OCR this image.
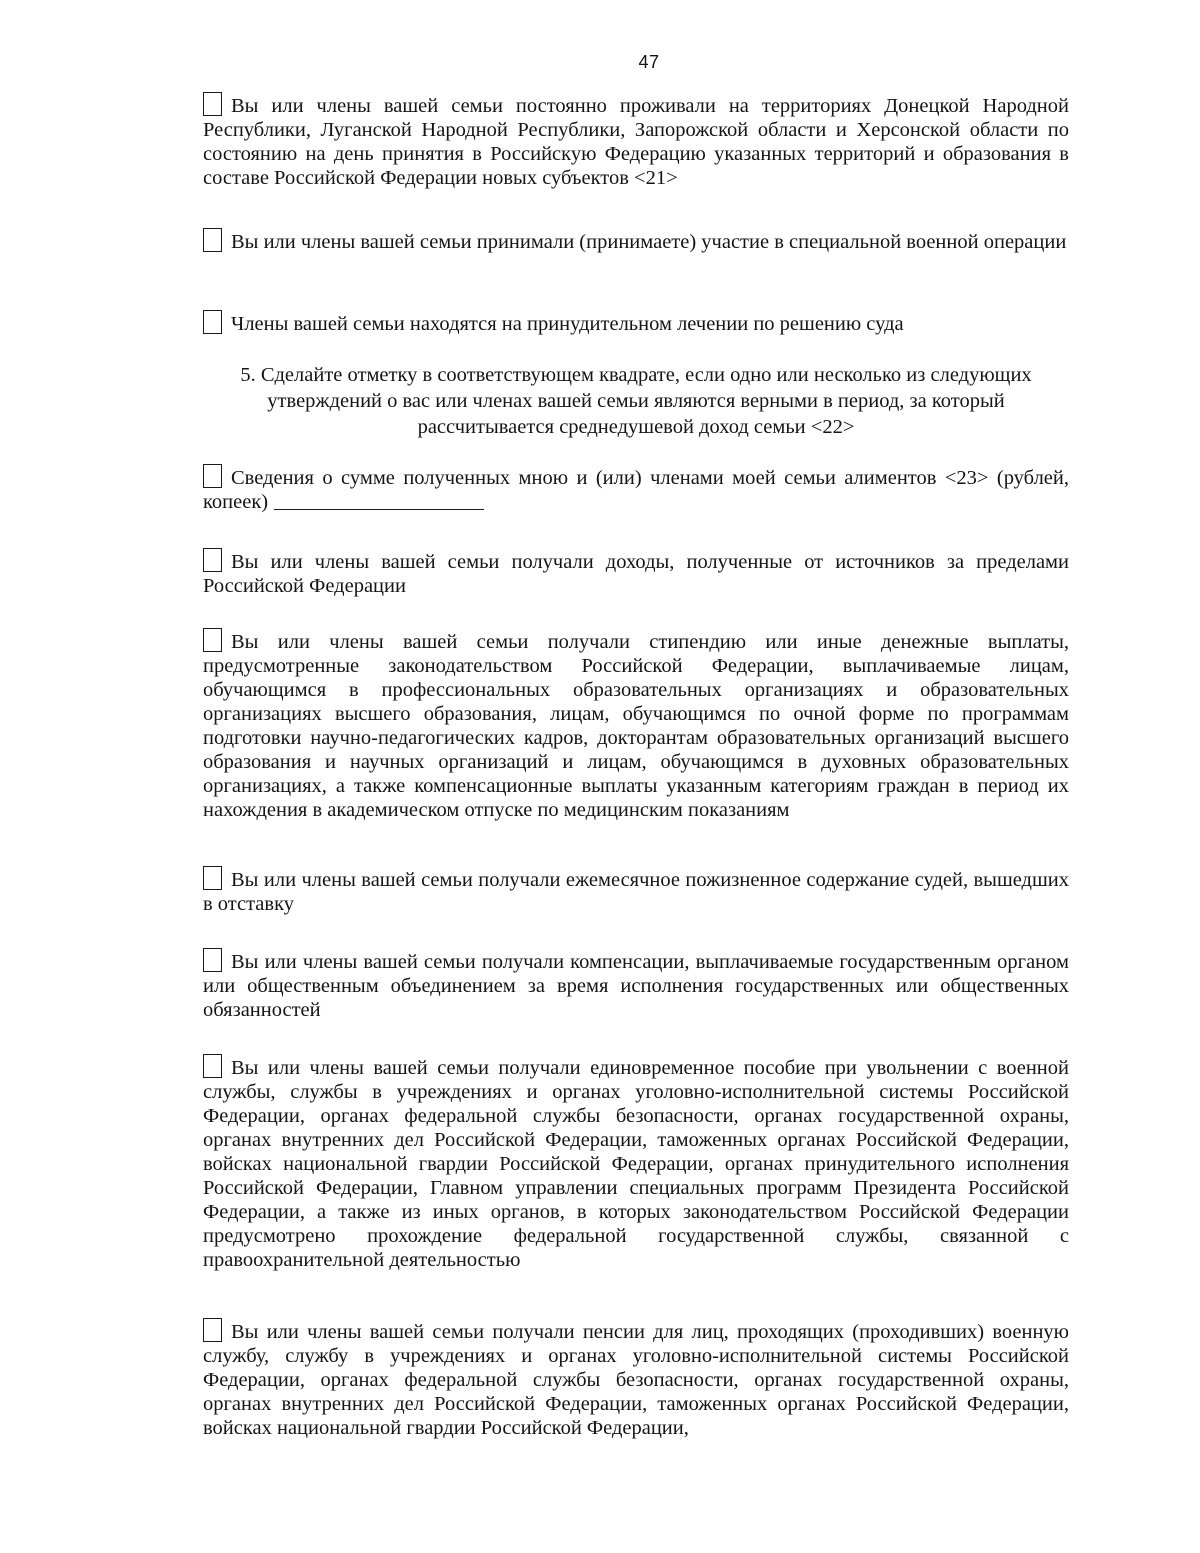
47
Вы или члены вашей семьи постоянно проживали на территориях Донецкой Народной Республики, Луганской Народной Республики, Запорожской области и Херсонской области по состоянию на день принятия в Российскую Федерацию указанных территорий и образования в составе Российской Федерации новых субъектов <21>
Вы или члены вашей семьи принимали (принимаете) участие в специальной военной операции
Члены вашей семьи находятся на принудительном лечении по решению суда
5. Сделайте отметку в соответствующем квадрате, если одно или несколько из следующих утверждений о вас или членах вашей семьи являются верными в период, за который рассчитывается среднедушевой доход семьи <22>
Сведения о сумме полученных мною и (или) членами моей семьи алиментов <23> (рублей, копеек)
Вы или члены вашей семьи получали доходы, полученные от источников за пределами Российской Федерации
Вы или члены вашей семьи получали стипендию или иные денежные выплаты, предусмотренные законодательством Российской Федерации, выплачиваемые лицам, обучающимся в профессиональных образовательных организациях и образовательных организациях высшего образования, лицам, обучающимся по очной форме по программам подготовки научно-педагогических кадров, докторантам образовательных организаций высшего образования и научных организаций и лицам, обучающимся в духовных образовательных организациях, а также компенсационные выплаты указанным категориям граждан в период их нахождения в академическом отпуске по медицинским показаниям
Вы или члены вашей семьи получали ежемесячное пожизненное содержание судей, вышедших в отставку
Вы или члены вашей семьи получали компенсации, выплачиваемые государственным органом или общественным объединением за время исполнения государственных или общественных обязанностей
Вы или члены вашей семьи получали единовременное пособие при увольнении с военной службы, службы в учреждениях и органах уголовно-исполнительной системы Российской Федерации, органах федеральной службы безопасности, органах государственной охраны, органах внутренних дел Российской Федерации, таможенных органах Российской Федерации, войсках национальной гвардии Российской Федерации, органах принудительного исполнения Российской Федерации, Главном управлении специальных программ Президента Российской Федерации, а также из иных органов, в которых законодательством Российской Федерации предусмотрено прохождение федеральной государственной службы, связанной с правоохранительной деятельностью
Вы или члены вашей семьи получали пенсии для лиц, проходящих (проходивших) военную службу, службу в учреждениях и органах уголовно-исполнительной системы Российской Федерации, органах федеральной службы безопасности, органах государственной охраны, органах внутренних дел Российской Федерации, таможенных органах Российской Федерации, войсках национальной гвардии Российской Федерации,
